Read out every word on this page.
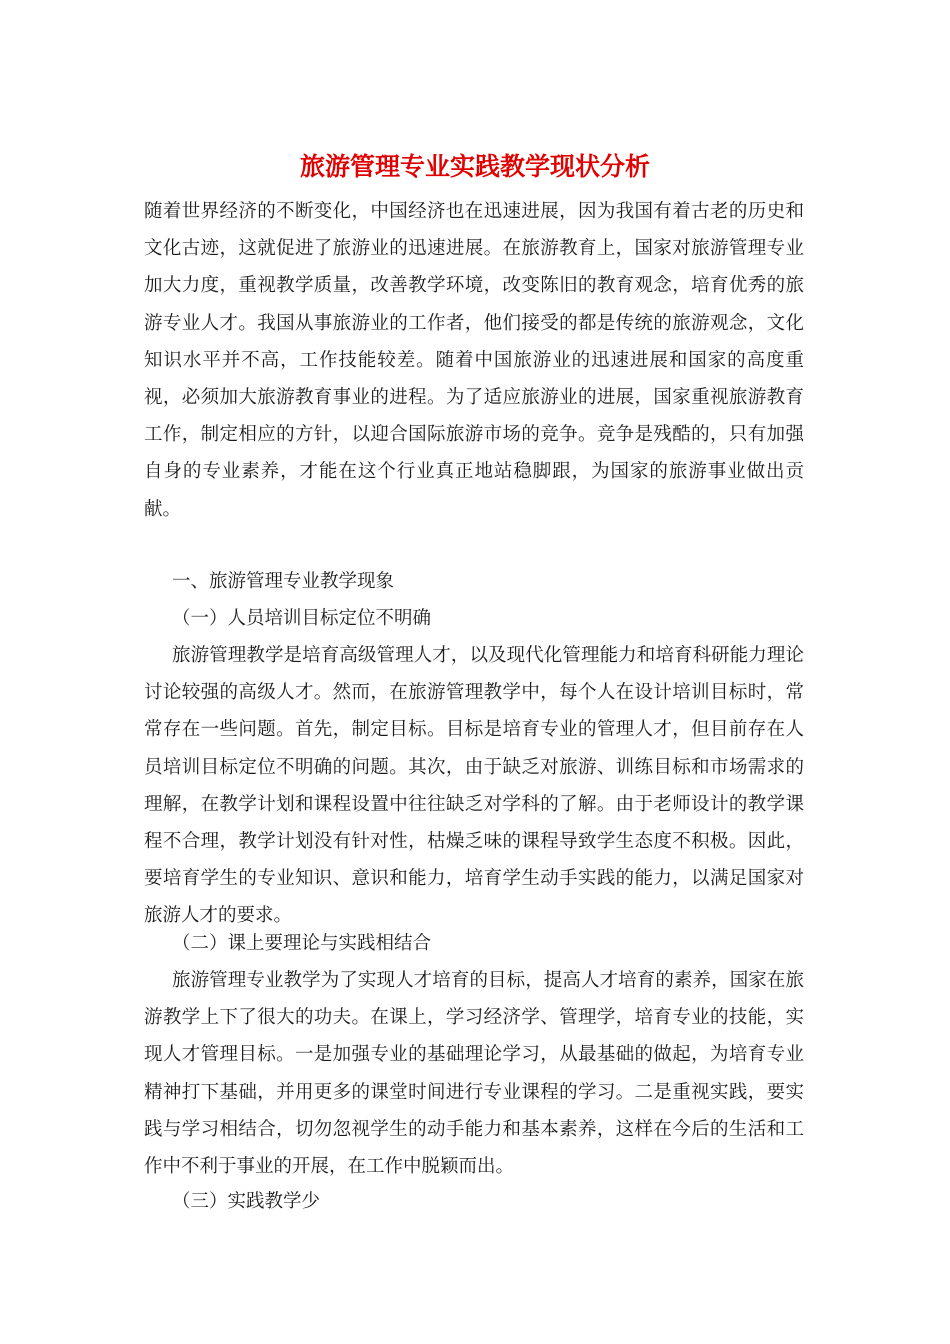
旅游管理专业实践教学现状分析

随着世界经济的不断变化，中国经济也在迅速进展，因为我国有着古老的历史和文化古迹，这就促进了旅游业的迅速进展。在旅游教育上，国家对旅游管理专业加大力度，重视教学质量，改善教学环境，改变陈旧的教育观念，培育优秀的旅游专业人才。我国从事旅游业的工作者，他们接受的都是传统的旅游观念，文化知识水平并不高，工作技能较差。随着中国旅游业的迅速进展和国家的高度重视，必须加大旅游教育事业的进程。为了适应旅游业的进展，国家重视旅游教育工作，制定相应的方针，以迎合国际旅游市场的竞争。竞争是残酷的，只有加强自身的专业素养，才能在这个行业真正地站稳脚跟，为国家的旅游事业做出贡献。

一、旅游管理专业教学现象

（一）人员培训目标定位不明确

旅游管理教学是培育高级管理人才，以及现代化管理能力和培育科研能力理论讨论较强的高级人才。然而，在旅游管理教学中，每个人在设计培训目标时，常常存在一些问题。首先，制定目标。目标是培育专业的管理人才，但目前存在人员培训目标定位不明确的问题。其次，由于缺乏对旅游、训练目标和市场需求的理解，在教学计划和课程设置中往往缺乏对学科的了解。由于老师设计的教学课程不合理，教学计划没有针对性，枯燥乏味的课程导致学生态度不积极。因此，要培育学生的专业知识、意识和能力，培育学生动手实践的能力，以满足国家对旅游人才的要求。

（二）课上要理论与实践相结合

旅游管理专业教学为了实现人才培育的目标，提高人才培育的素养，国家在旅游教学上下了很大的功夫。在课上，学习经济学、管理学，培育专业的技能，实现人才管理目标。一是加强专业的基础理论学习，从最基础的做起，为培育专业精神打下基础，并用更多的课堂时间进行专业课程的学习。二是重视实践，要实践与学习相结合，切勿忽视学生的动手能力和基本素养，这样在今后的生活和工作中不利于事业的开展，在工作中脱颖而出。

（三）实践教学少
